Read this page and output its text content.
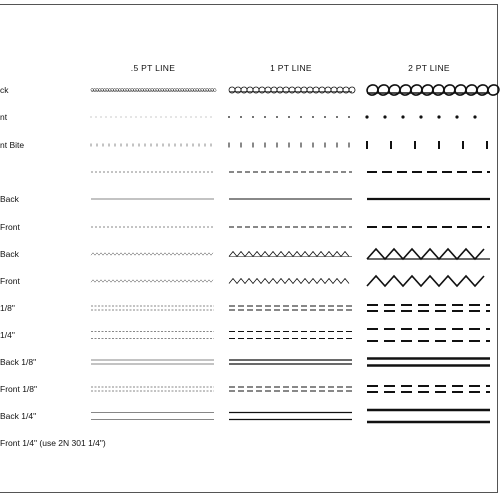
.5 PT LINE	1 PT LINE	2 PT LINE
ck
nt
nt Bite
Back
Front
Back
Front
1/8"
1/4"
Back 1/8"
Front 1/8"
Back 1/4"
Front 1/4" (use 2N 301 1/4")
